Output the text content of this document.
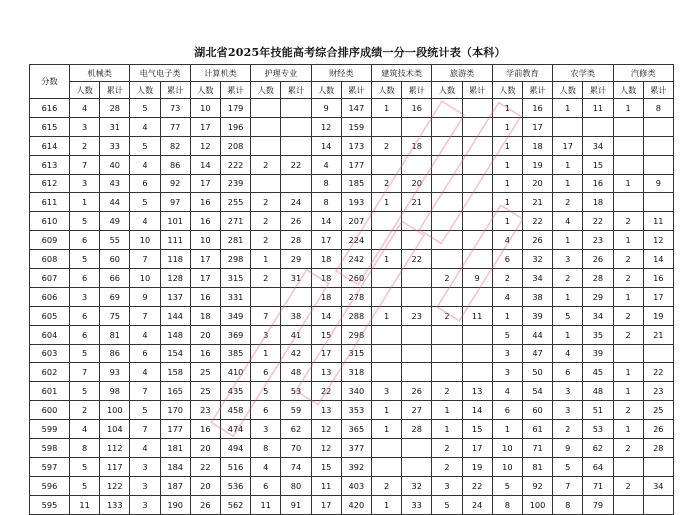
湖北省2025年技能高考综合排序成绩一分一段统计表（本科）
分数	机械类		电气电子类		计算机类		护理专业		财经类		建筑技术类		旅游类		学前教育		农学类		汽修类	
	人数	累计	人数	累计	人数	累计	人数	累计	人数	累计	人数	累计	人数	累计	人数	累计	人数	累计	人数	累计
616	4	28	5	73	10	179			9	147	1	16			1	16	1	11	1	8
615	3	31	4	77	17	196			12	159					1	17				
614	2	33	5	82	12	208			14	173	2	18			1	18	17	34		
613	7	40	4	86	14	222	2	22	4	177					1	19	1	15		
612	3	43	6	92	17	239			8	185	2	20			1	20	1	16	1	9
611	1	44	5	97	16	255	2	24	8	193	1	21			1	21	2	18		
610	5	49	4	101	16	271	2	26	14	207					1	22	4	22	2	11
609	6	55	10	111	10	281	2	28	17	224					4	26	1	23	1	12
608	5	60	7	118	17	298	1	29	18	242	1	22			6	32	3	26	2	14
607	6	66	10	128	17	315	2	31	18	260			2	9	2	34	2	28	2	16
606	3	69	9	137	16	331			18	278					4	38	1	29	1	17
605	6	75	7	144	18	349	7	38	14	288	1	23	2	11	1	39	5	34	2	19
604	6	81	4	148	20	369	3	41	15	298					5	44	1	35	2	21
603	5	86	6	154	16	385	1	42	17	315					3	47	4	39		
602	7	93	4	158	25	410	6	48	13	318					3	50	6	45	1	22
601	5	98	7	165	25	435	5	53	22	340	3	26	2	13	4	54	3	48	1	23
600	2	100	5	170	23	458	6	59	13	353	1	27	1	14	6	60	3	51	2	25
599	4	104	7	177	16	474	3	62	12	365	1	28	1	15	1	61	2	53	1	26
598	8	112	4	181	20	494	8	70	12	377			2	17	10	71	9	62	2	28
597	5	117	3	184	22	516	4	74	15	392			2	19	10	81	5	64		
596	5	122	3	187	20	536	6	80	11	403	2	32	3	22	5	92	7	71	2	34
595	11	133	3	190	26	562	11	91	17	420	1	33	5	24	8	100	8	79		
